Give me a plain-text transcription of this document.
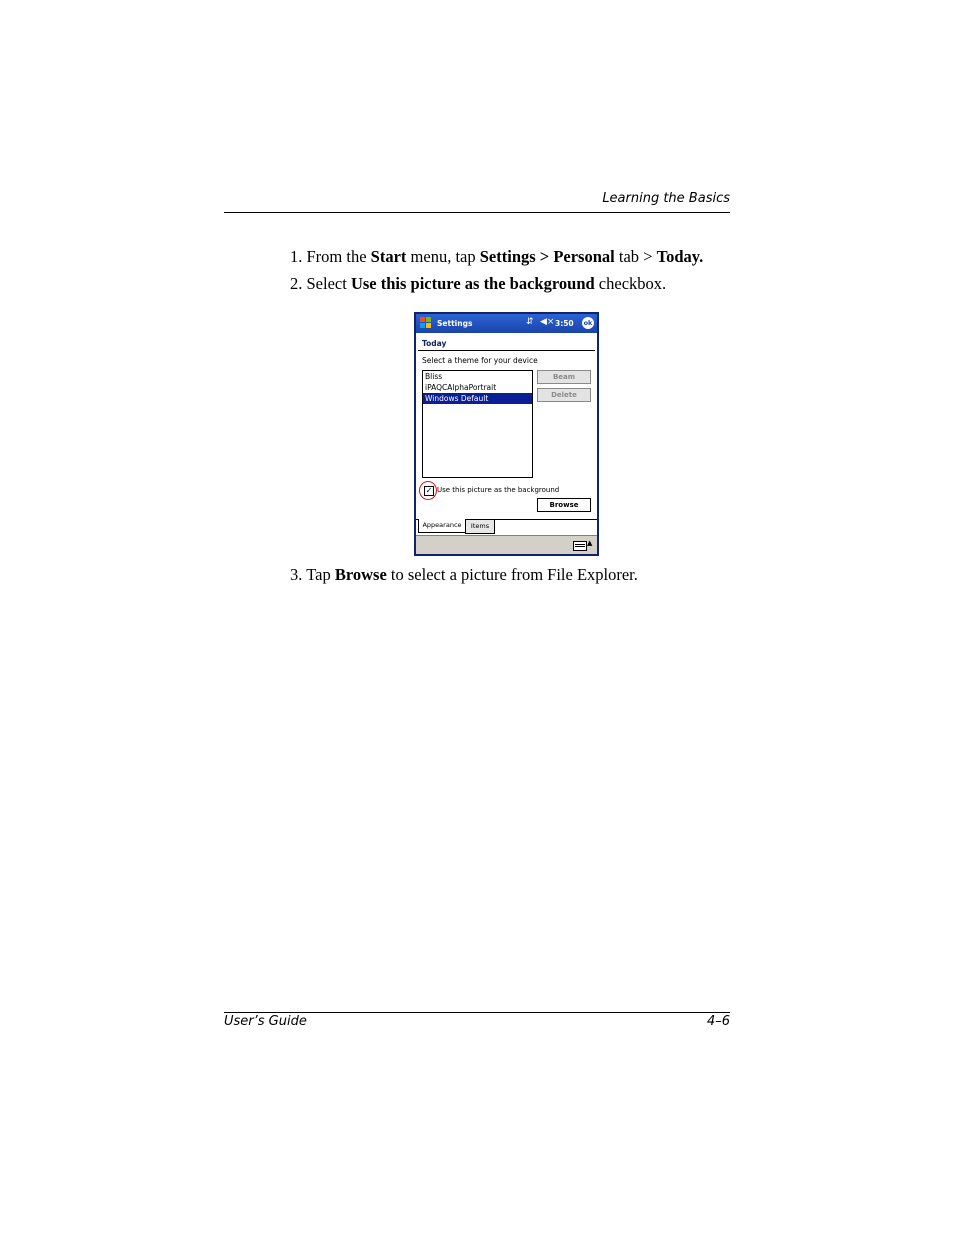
Learning the Basics
1. From the Start menu, tap Settings > Personal tab > Today.
2. Select Use this picture as the background checkbox.
Settings	⇵ ◀× 3:50 ok
Today
Select a theme for your device
Bliss
iPAQCAlphaPortrait
Windows Default
Beam
Delete
✓ Use this picture as the background
Browse
Appearance	Items
▲
3. Tap Browse to select a picture from File Explorer.
User’s Guide	4–6
